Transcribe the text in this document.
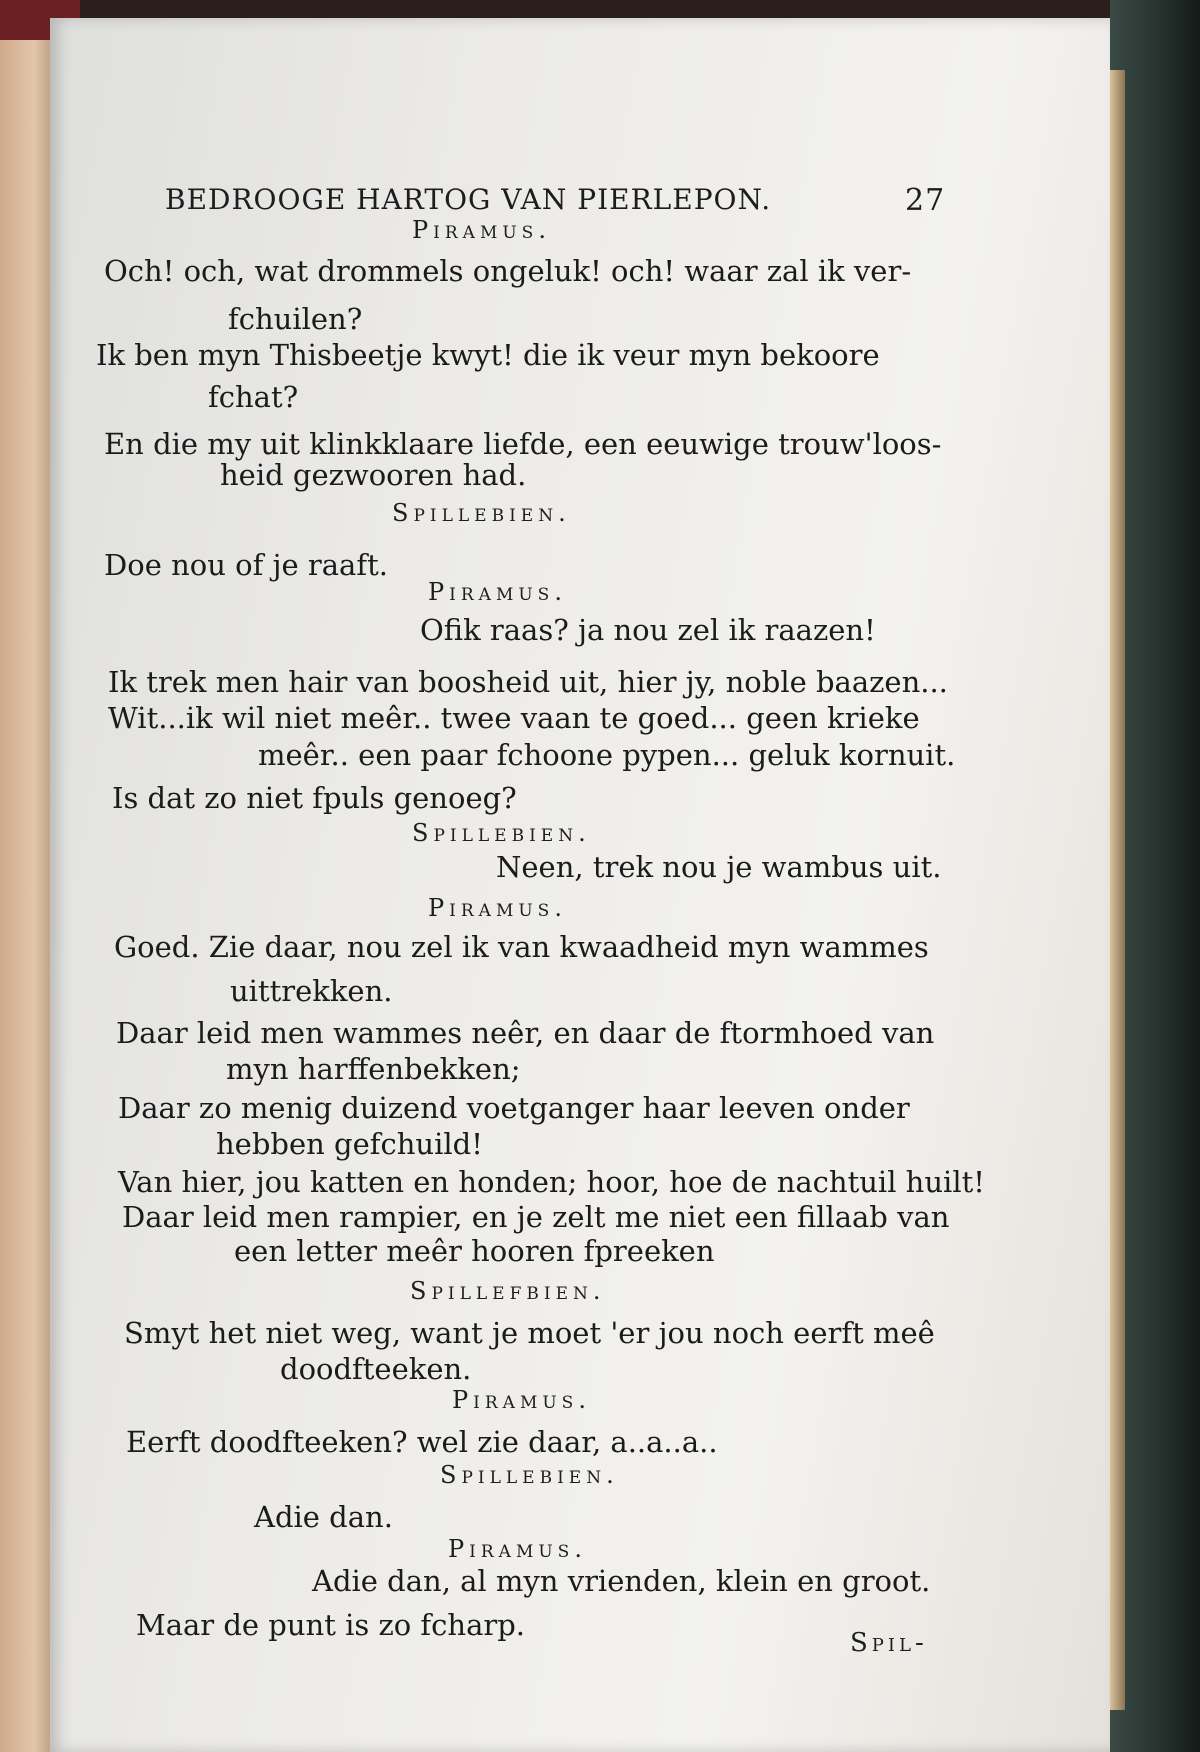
BEDROOGE HARTOG VAN PIERLEPON.	27
Piramus.
Och! och, wat drommels ongeluk! och! waar zal ik ver-
fchuilen?
Ik ben myn Thisbeetje kwyt! die ik veur myn bekoore
fchat?
En die my uit klinkklaare liefde, een eeuwige trouw'loos-
heid gezwooren had.
Spillebien.
Doe nou of je raaft.
Piramus.
Ofik raas? ja nou zel ik raazen!
Ik trek men hair van boosheid uit, hier jy, noble baazen...
Wit...ik wil niet meêr.. twee vaan te goed... geen krieke
meêr.. een paar fchoone pypen... geluk kornuit.
Is dat zo niet fpuls genoeg?
Spillebien.
Neen, trek nou je wambus uit.
Piramus.
Goed. Zie daar, nou zel ik van kwaadheid myn wammes
uittrekken.
Daar leid men wammes neêr, en daar de ftormhoed van
myn harffenbekken;
Daar zo menig duizend voetganger haar leeven onder
hebben gefchuild!
Van hier, jou katten en honden; hoor, hoe de nachtuil huilt!
Daar leid men rampier, en je zelt me niet een fillaab van
een letter meêr hooren fpreeken
Spillefbien.
Smyt het niet weg, want je moet 'er jou noch eerft meê
doodfteeken.
Piramus.
Eerft doodfteeken? wel zie daar, a..a..a..
Spillebien.
Adie dan.
Piramus.
Adie dan, al myn vrienden, klein en groot.
Maar de punt is zo fcharp.
Spil-
